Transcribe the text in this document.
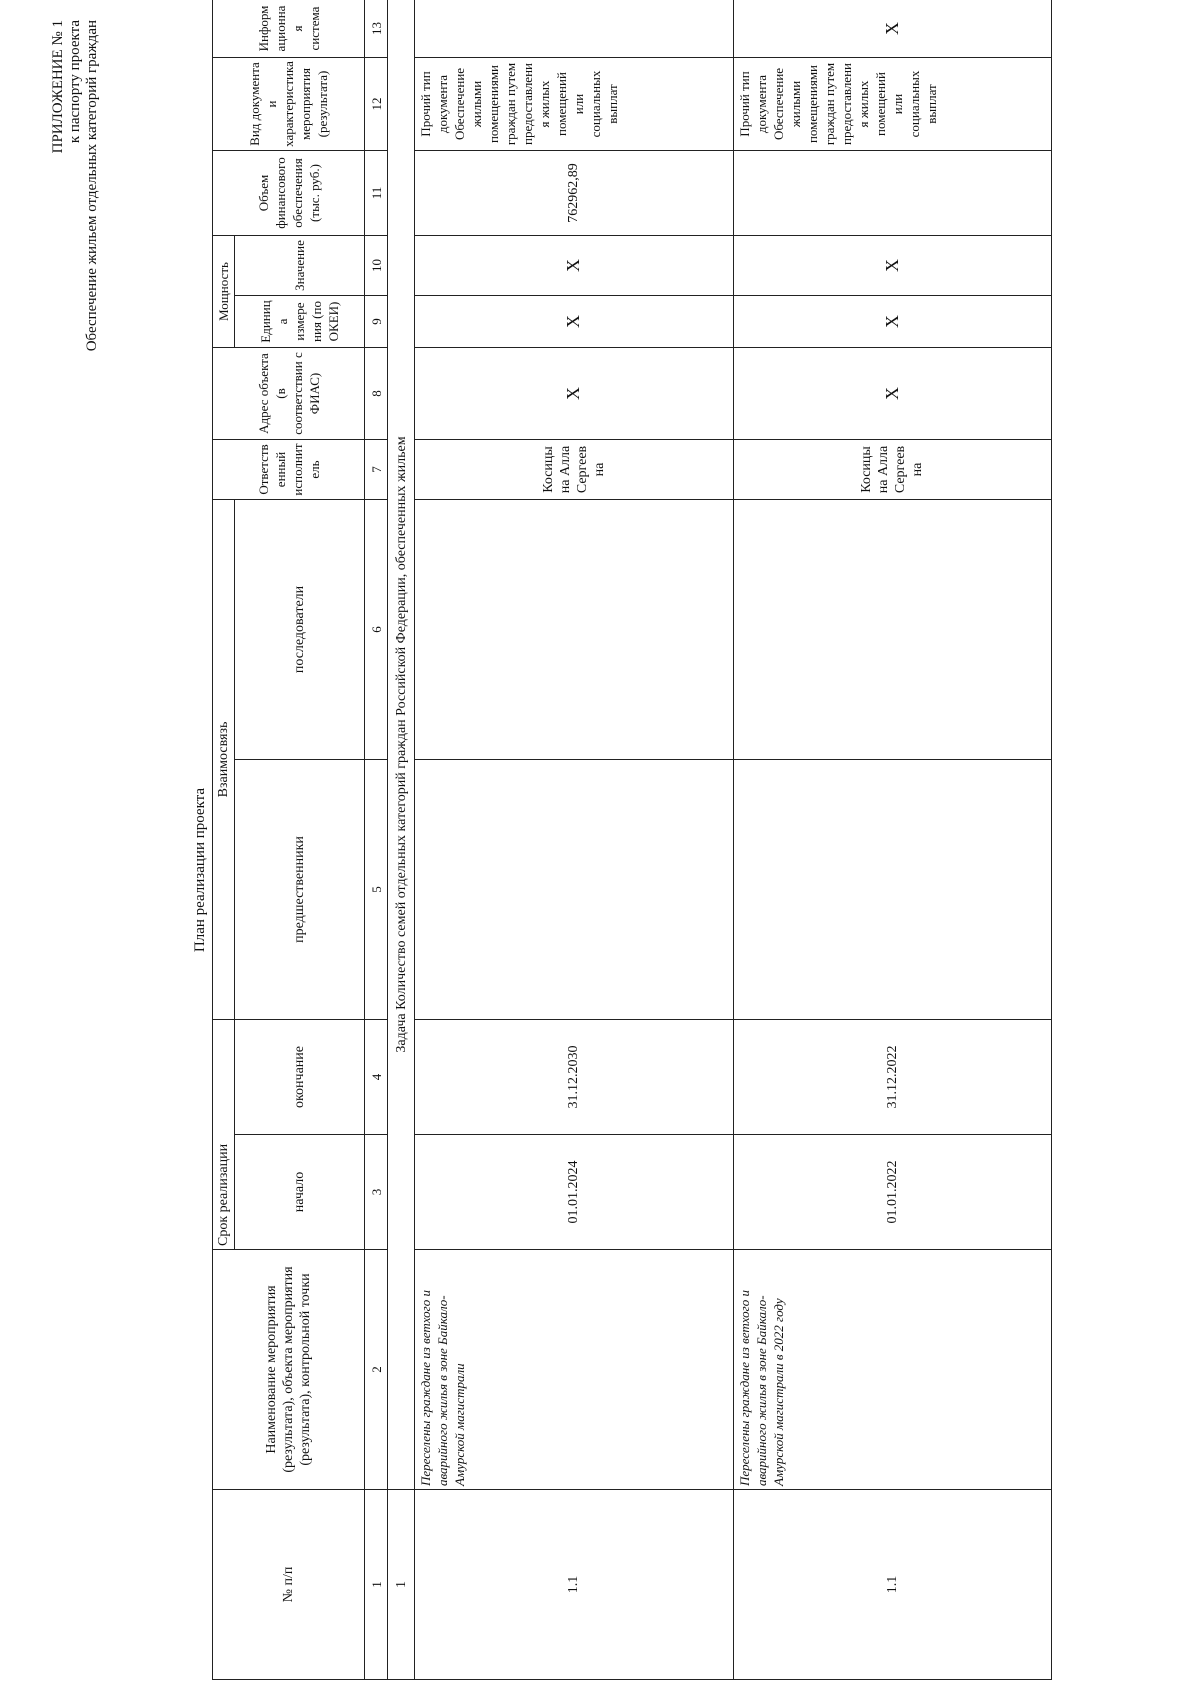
ПРИЛОЖЕНИЕ № 1 к паспорту проекта Обеспечение жильем отдельных категорий граждан
План реализации проекта
№ п/п	Наименование мероприятия (результата), объекта мероприятия (результата), контрольной точки	Срок реализации		Взаимосвязь		Ответственный исполнитель	Адрес объекта (в соответствии с ФИАС)	Мощность		Объем финансового обеспечения (тыс. руб.)	Вид документа и характеристика мероприятия (результата)	Информационная система
		начало	окончание	предшественники	последователи			Единица измерения (по ОКЕИ)	Значение			
1	2	3	4	5	6	7	8	9	10	11	12	13
1	Задача Количество семей отдельных категорий граждан Российской Федерации, обеспеченных жильем											
1.1	Переселены граждане из ветхого и аварийного жилья в зоне Байкало-Амурской магистрали	01.01.2024	31.12.2030			Косицына Алла Сергеевна	Х	Х	Х	762962,89	Прочий тип документа Обеспечение жилыми помещениями граждан путем предоставления жилых помещений или социальных выплат	
1.1	Переселены граждане из ветхого и аварийного жилья в зоне Байкало-Амурской магистрали в 2022 году	01.01.2022	31.12.2022			Косицына Алла Сергеевна	Х	Х	Х		Прочий тип документа Обеспечение жилыми помещениями граждан путем предоставления жилых помещений или социальных выплат	Х
